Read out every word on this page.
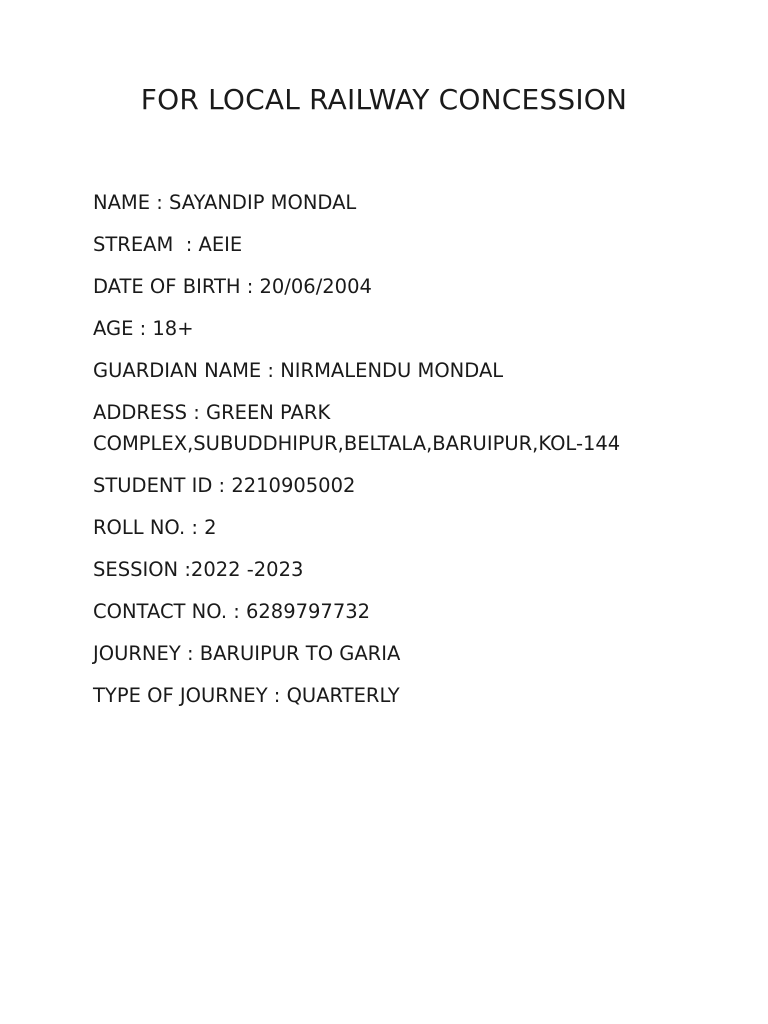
FOR LOCAL RAILWAY CONCESSION
NAME : SAYANDIP MONDAL
STREAM  : AEIE
DATE OF BIRTH : 20/06/2004
AGE : 18+
GUARDIAN NAME : NIRMALENDU MONDAL
ADDRESS : GREEN PARK
COMPLEX,SUBUDDHIPUR,BELTALA,BARUIPUR,KOL-144
STUDENT ID : 2210905002
ROLL NO. : 2
SESSION :2022 -2023
CONTACT NO. : 6289797732
JOURNEY : BARUIPUR TO GARIA
TYPE OF JOURNEY : QUARTERLY
